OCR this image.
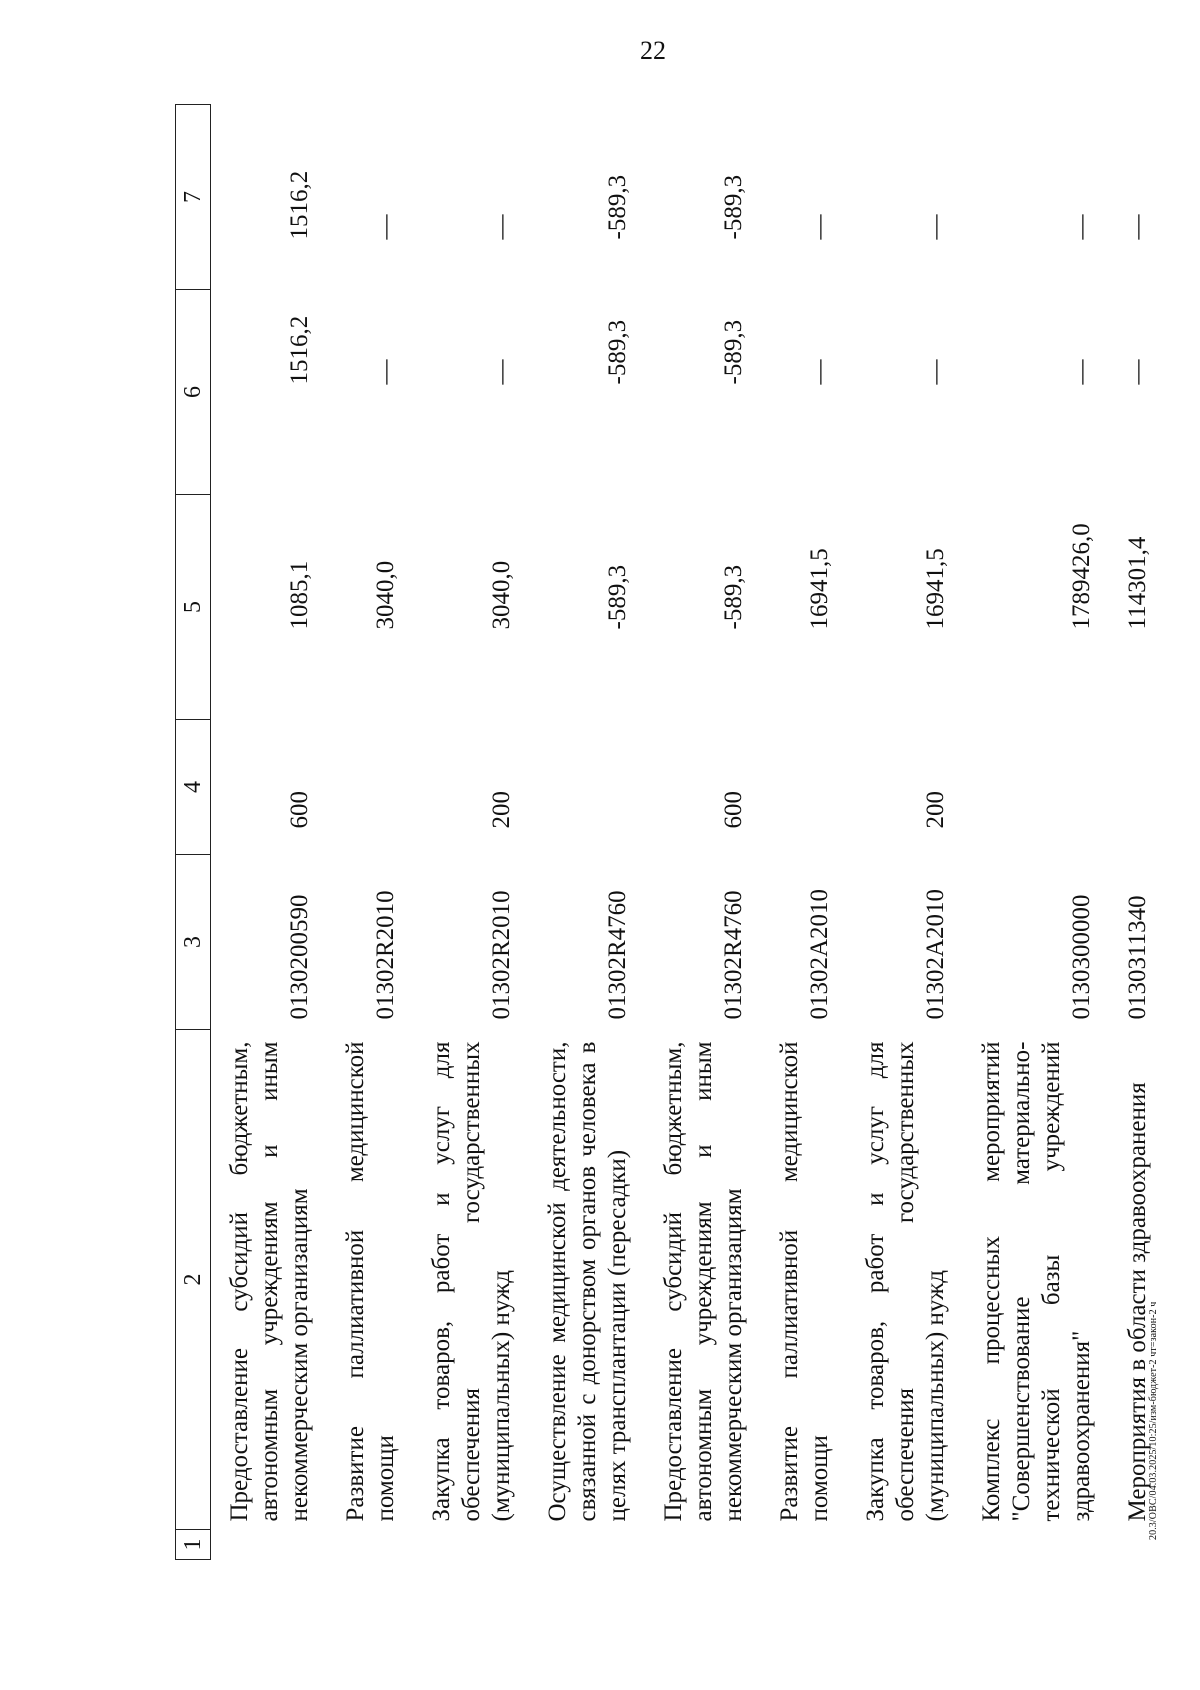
22
20.3/ОВС/04.03.2025/10:25/изм-бюджет-2 чт=закон-2 ч
1	2	3	4	5	6	7
	Предоставление субсидий бюджетным, автономным учреждениям и иным некоммерческим организациям	0130200590	600	1085,1	1516,2	1516,2
	Развитие паллиативной медицинской помощи	01302R2010		3040,0	—	—
	Закупка товаров, работ и услуг для обеспечения государственных (муниципальных) нужд	01302R2010	200	3040,0	—	—
	Осуществление медицинской деятельности, связанной с донорством органов человека в целях трансплантации (пересадки)	01302R4760		-589,3	-589,3	-589,3
	Предоставление субсидий бюджетным, автономным учреждениям и иным некоммерческим организациям	01302R4760	600	-589,3	-589,3	-589,3
	Развитие паллиативной медицинской помощи	01302A2010		16941,5	—	—
	Закупка товаров, работ и услуг для обеспечения государственных (муниципальных) нужд	01302A2010	200	16941,5	—	—
	Комплекс процессных мероприятий "Совершенствование материально-технической базы учреждений здравоохранения"	0130300000		1789426,0	—	—
	Мероприятия в области здравоохранения	0130311340		114301,4	—	—
